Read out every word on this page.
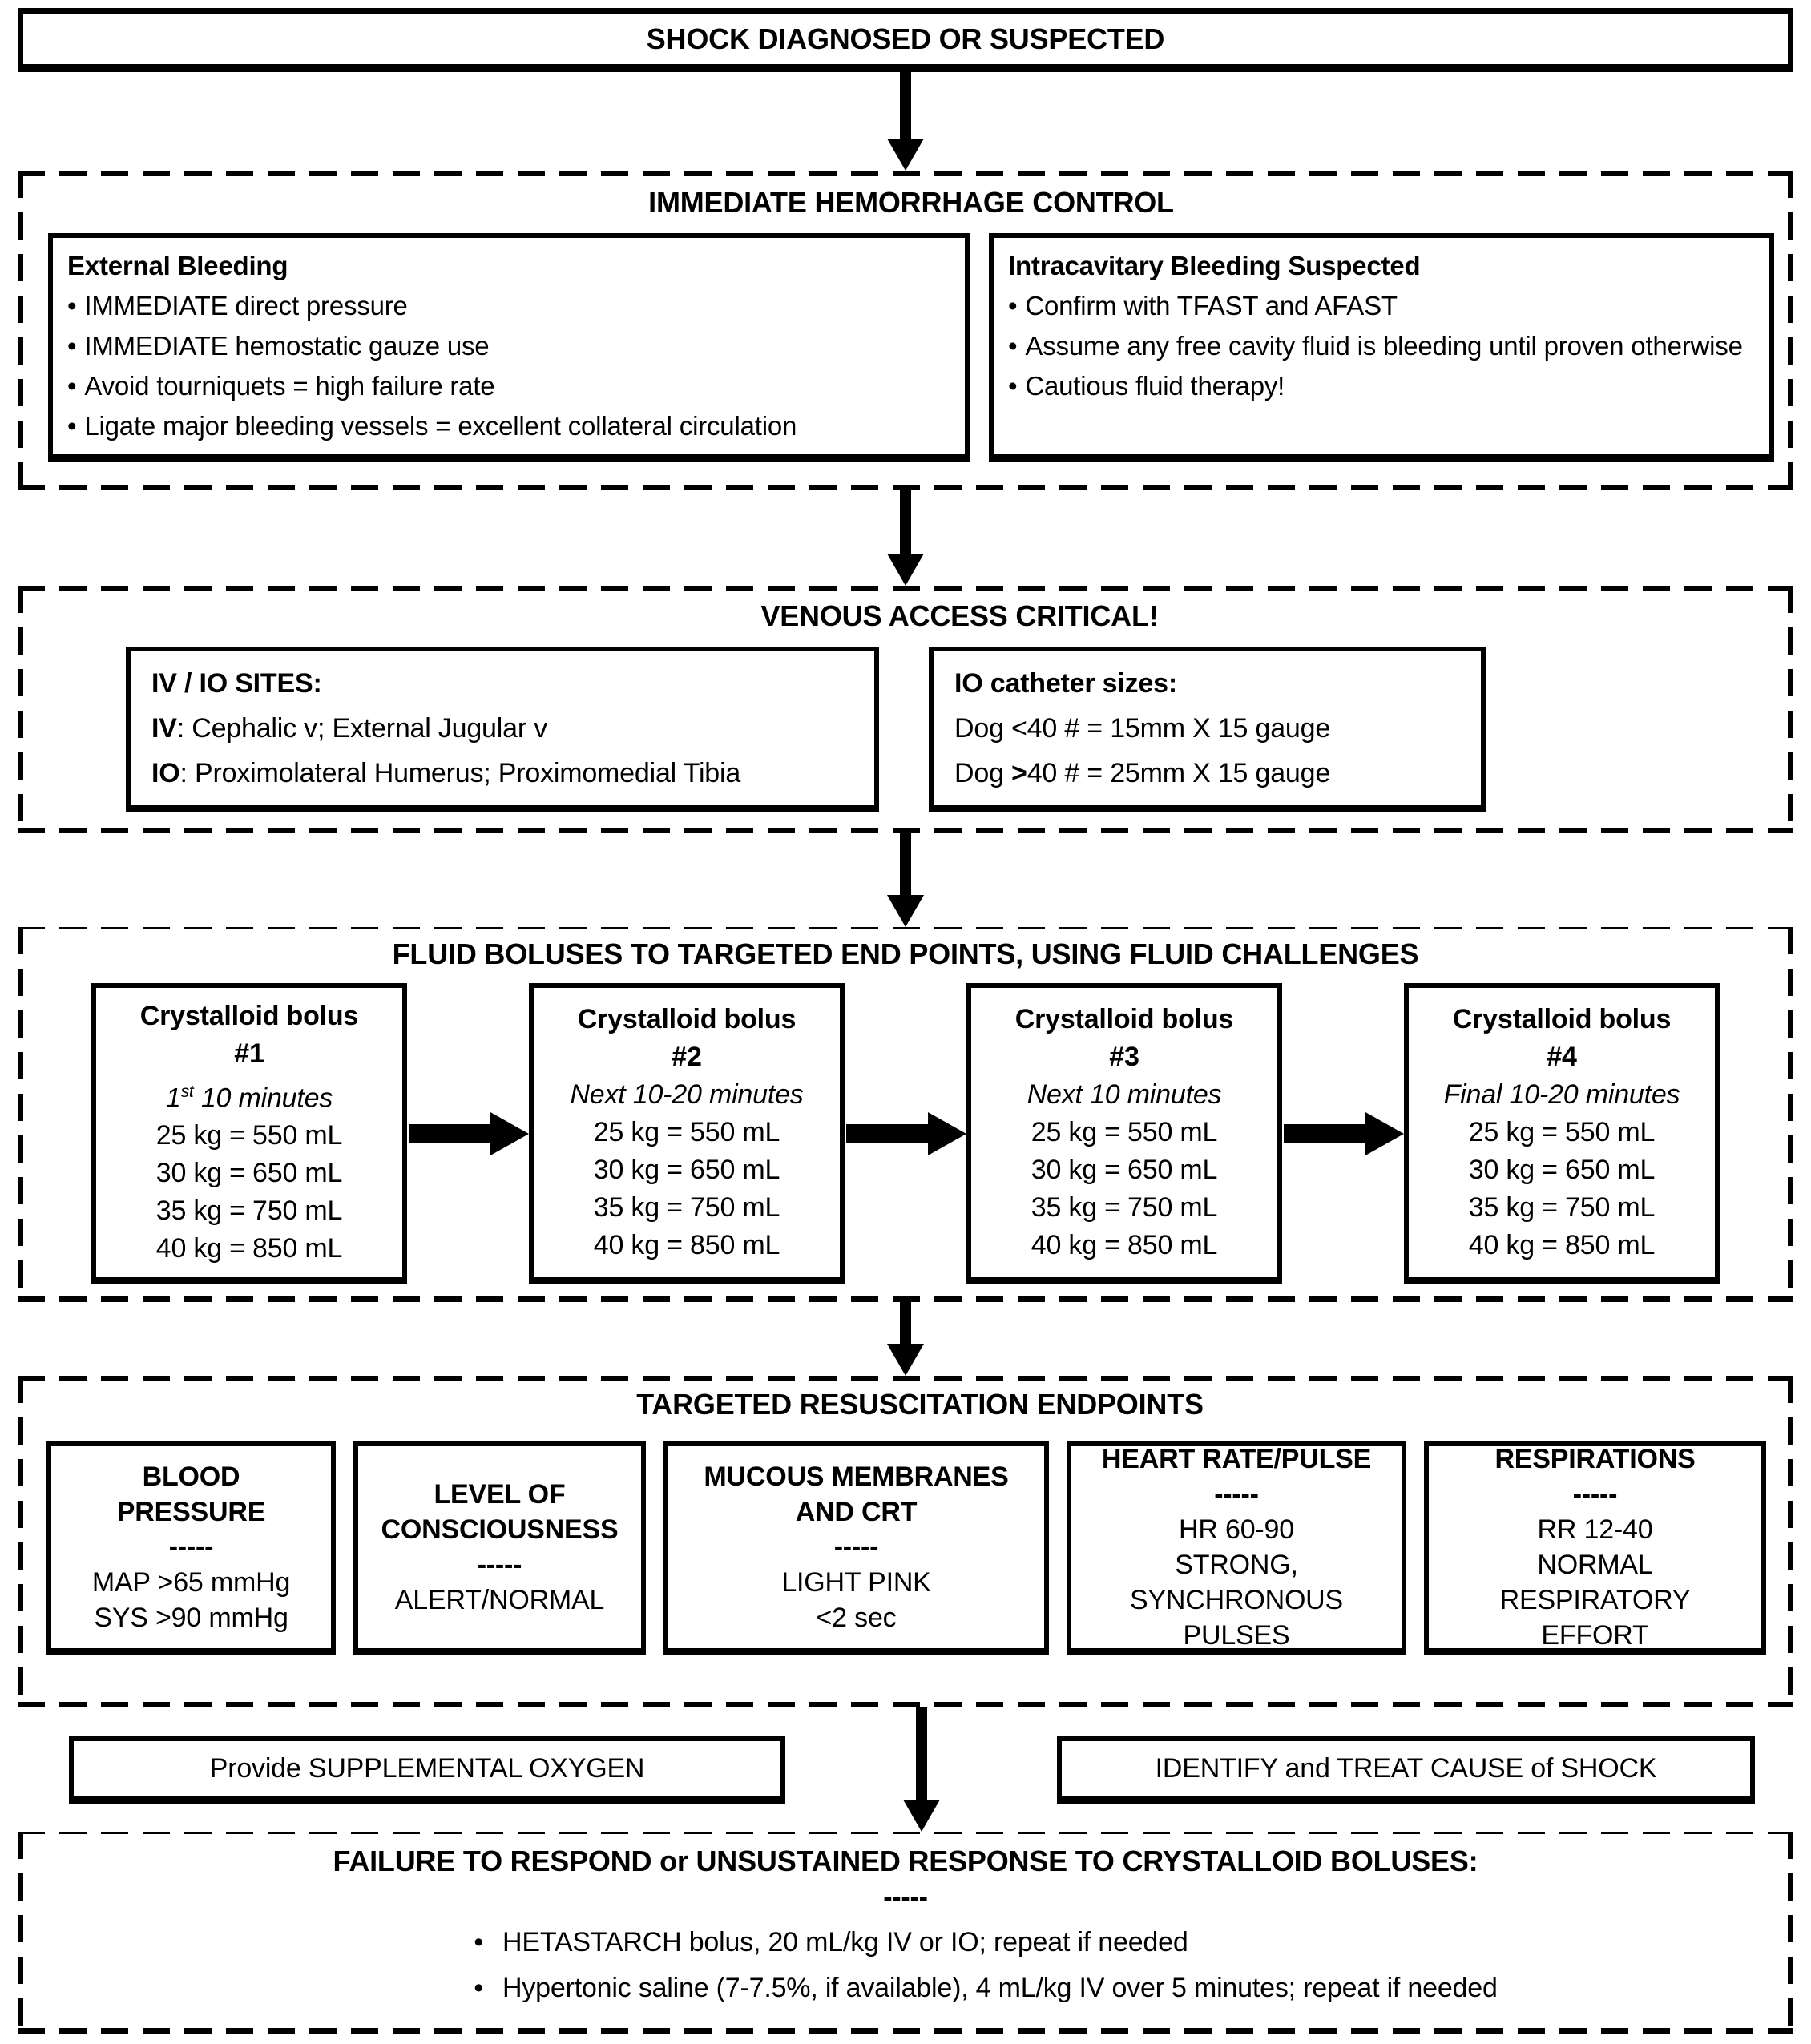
SHOCK DIAGNOSED OR SUSPECTED
IMMEDIATE HEMORRHAGE CONTROL
External Bleeding
• IMMEDIATE direct pressure
• IMMEDIATE hemostatic gauze use
• Avoid tourniquets = high failure rate
• Ligate major bleeding vessels = excellent collateral circulation
Intracavitary Bleeding Suspected
• Confirm with TFAST and AFAST
• Assume any free cavity fluid is bleeding until proven otherwise
• Cautious fluid therapy!
VENOUS ACCESS CRITICAL!
IV / IO SITES:
IV: Cephalic v; External Jugular v
IO: Proximolateral Humerus; Proximomedial Tibia
IO catheter sizes:
Dog <40 # = 15mm X 15 gauge
Dog >40 # = 25mm X 15 gauge
FLUID BOLUSES TO TARGETED END POINTS, USING FLUID CHALLENGES
Crystalloid bolus
#1
1st 10 minutes
25 kg = 550 mL
30 kg = 650 mL
35 kg = 750 mL
40 kg = 850 mL
Crystalloid bolus
#2
Next 10-20 minutes
25 kg = 550 mL
30 kg = 650 mL
35 kg = 750 mL
40 kg = 850 mL
Crystalloid bolus
#3
Next 10 minutes
25 kg = 550 mL
30 kg = 650 mL
35 kg = 750 mL
40 kg = 850 mL
Crystalloid bolus
#4
Final 10-20 minutes
25 kg = 550 mL
30 kg = 650 mL
35 kg = 750 mL
40 kg = 850 mL
TARGETED RESUSCITATION ENDPOINTS
BLOOD
PRESSURE
-----
MAP >65 mmHg
SYS >90 mmHg
LEVEL OF
CONSCIOUSNESS
-----
ALERT/NORMAL
MUCOUS MEMBRANES
AND CRT
-----
LIGHT PINK
<2 sec
HEART RATE/PULSE
-----
HR 60-90
STRONG,
SYNCHRONOUS
PULSES
RESPIRATIONS
-----
RR 12-40
NORMAL
RESPIRATORY
EFFORT
Provide SUPPLEMENTAL OXYGEN	IDENTIFY and TREAT CAUSE of SHOCK
FAILURE TO RESPOND or UNSUSTAINED RESPONSE TO CRYSTALLOID BOLUSES:
-----
• HETASTARCH bolus, 20 mL/kg IV or IO; repeat if needed
• Hypertonic saline (7-7.5%, if available), 4 mL/kg IV over 5 minutes; repeat if needed
